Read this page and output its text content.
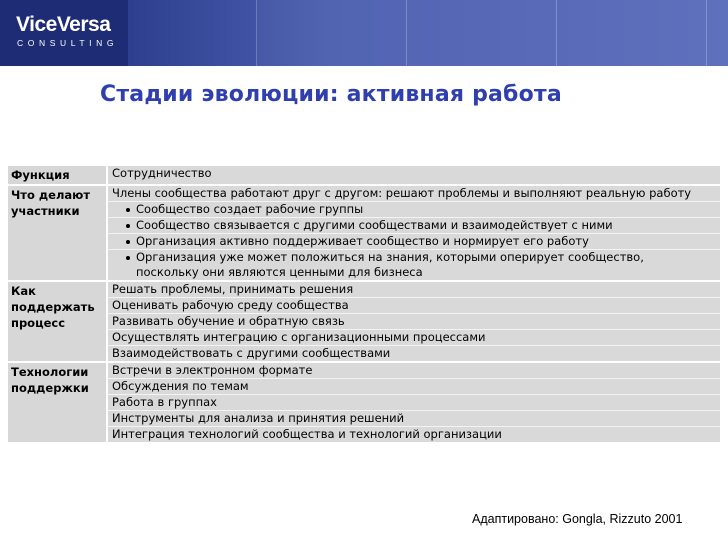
ViceVersa
CONSULTING
Стадии эволюции: активная работа
Функция	Сотрудничество

Что делают участники	Члены сообщества работают друг с другом: решают проблемы и выполняют реальную работу
Сообщество создает рабочие группы
Сообщество связывается с другими сообществами и взаимодействует с ними
Организация активно поддерживает сообщество и нормирует его работу
Организация уже может положиться на знания, которыми оперирует сообщество, поскольку они являются ценными для бизнеса

Как поддержать процесс	Решать проблемы, принимать решения
Оценивать рабочую среду сообщества
Развивать обучение и обратную связь
Осуществлять интеграцию с организационными процессами
Взаимодействовать с другими сообществами

Технологии поддержки	Встречи в электронном формате
Обсуждения по темам
Работа в группах
Инструменты для анализа и принятия решений
Интеграция технологий сообщества и технологий организации
Адаптировано: Gongla, Rizzuto 2001
